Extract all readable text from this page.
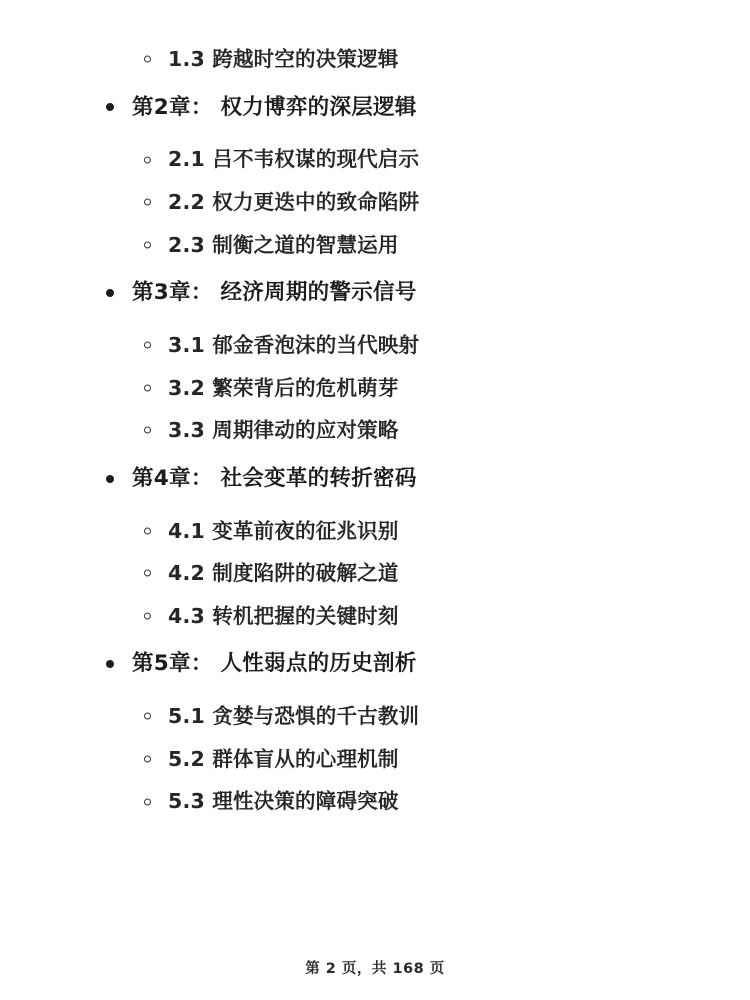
1.3 跨越时空的决策逻辑
第2章： 权力博弈的深层逻辑
2.1 吕不韦权谋的现代启示
2.2 权力更迭中的致命陷阱
2.3 制衡之道的智慧运用
第3章： 经济周期的警示信号
3.1 郁金香泡沫的当代映射
3.2 繁荣背后的危机萌芽
3.3 周期律动的应对策略
第4章： 社会变革的转折密码
4.1 变革前夜的征兆识别
4.2 制度陷阱的破解之道
4.3 转机把握的关键时刻
第5章： 人性弱点的历史剖析
5.1 贪婪与恐惧的千古教训
5.2 群体盲从的心理机制
5.3 理性决策的障碍突破
第 2 页，共 168 页
